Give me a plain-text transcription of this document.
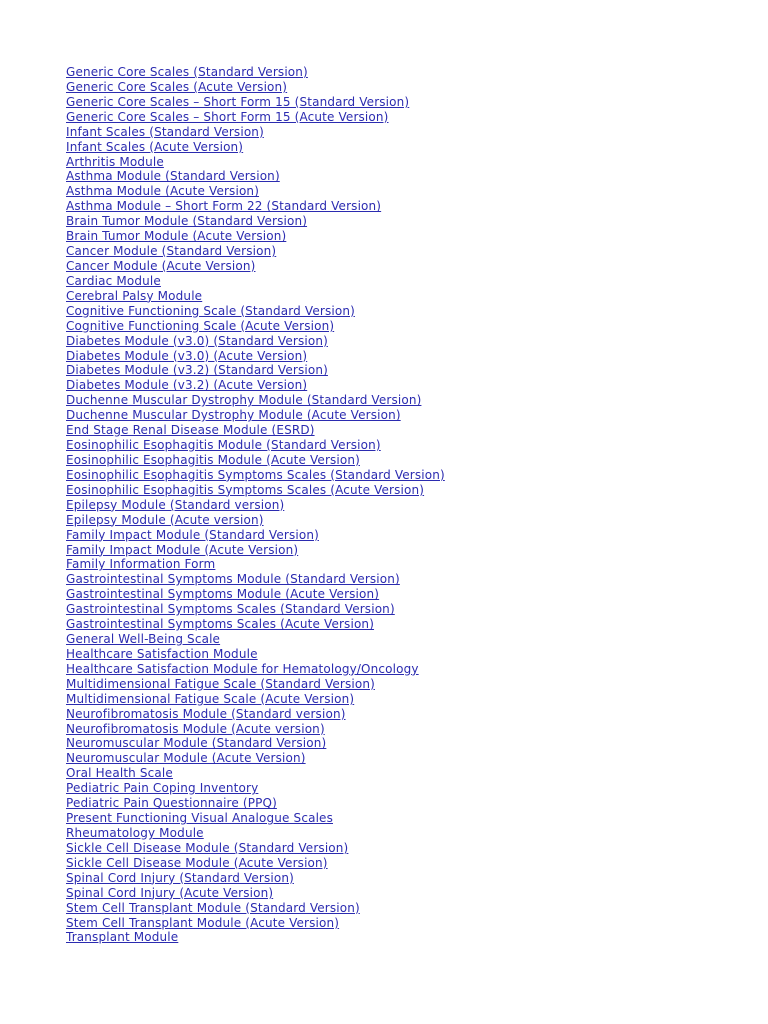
Generic Core Scales (Standard Version)
Generic Core Scales (Acute Version)
Generic Core Scales – Short Form 15 (Standard Version)
Generic Core Scales – Short Form 15 (Acute Version)
Infant Scales (Standard Version)
Infant Scales (Acute Version)
Arthritis Module
Asthma Module (Standard Version)
Asthma Module (Acute Version)
Asthma Module – Short Form 22 (Standard Version)
Brain Tumor Module (Standard Version)
Brain Tumor Module (Acute Version)
Cancer Module (Standard Version)
Cancer Module (Acute Version)
Cardiac Module
Cerebral Palsy Module
Cognitive Functioning Scale (Standard Version)
Cognitive Functioning Scale (Acute Version)
Diabetes Module (v3.0) (Standard Version)
Diabetes Module (v3.0) (Acute Version)
Diabetes Module (v3.2) (Standard Version)
Diabetes Module (v3.2) (Acute Version)
Duchenne Muscular Dystrophy Module (Standard Version)
Duchenne Muscular Dystrophy Module (Acute Version)
End Stage Renal Disease Module (ESRD)
Eosinophilic Esophagitis Module (Standard Version)
Eosinophilic Esophagitis Module (Acute Version)
Eosinophilic Esophagitis Symptoms Scales (Standard Version)
Eosinophilic Esophagitis Symptoms Scales (Acute Version)
Epilepsy Module (Standard version)
Epilepsy Module (Acute version)
Family Impact Module (Standard Version)
Family Impact Module (Acute Version)
Family Information Form
Gastrointestinal Symptoms Module (Standard Version)
Gastrointestinal Symptoms Module (Acute Version)
Gastrointestinal Symptoms Scales (Standard Version)
Gastrointestinal Symptoms Scales (Acute Version)
General Well-Being Scale
Healthcare Satisfaction Module
Healthcare Satisfaction Module for Hematology/Oncology
Multidimensional Fatigue Scale (Standard Version)
Multidimensional Fatigue Scale (Acute Version)
Neurofibromatosis Module (Standard version)
Neurofibromatosis Module (Acute version)
Neuromuscular Module (Standard Version)
Neuromuscular Module (Acute Version)
Oral Health Scale
Pediatric Pain Coping Inventory
Pediatric Pain Questionnaire (PPQ)
Present Functioning Visual Analogue Scales
Rheumatology Module
Sickle Cell Disease Module (Standard Version)
Sickle Cell Disease Module (Acute Version)
Spinal Cord Injury (Standard Version)
Spinal Cord Injury (Acute Version)
Stem Cell Transplant Module (Standard Version)
Stem Cell Transplant Module (Acute Version)
Transplant Module
